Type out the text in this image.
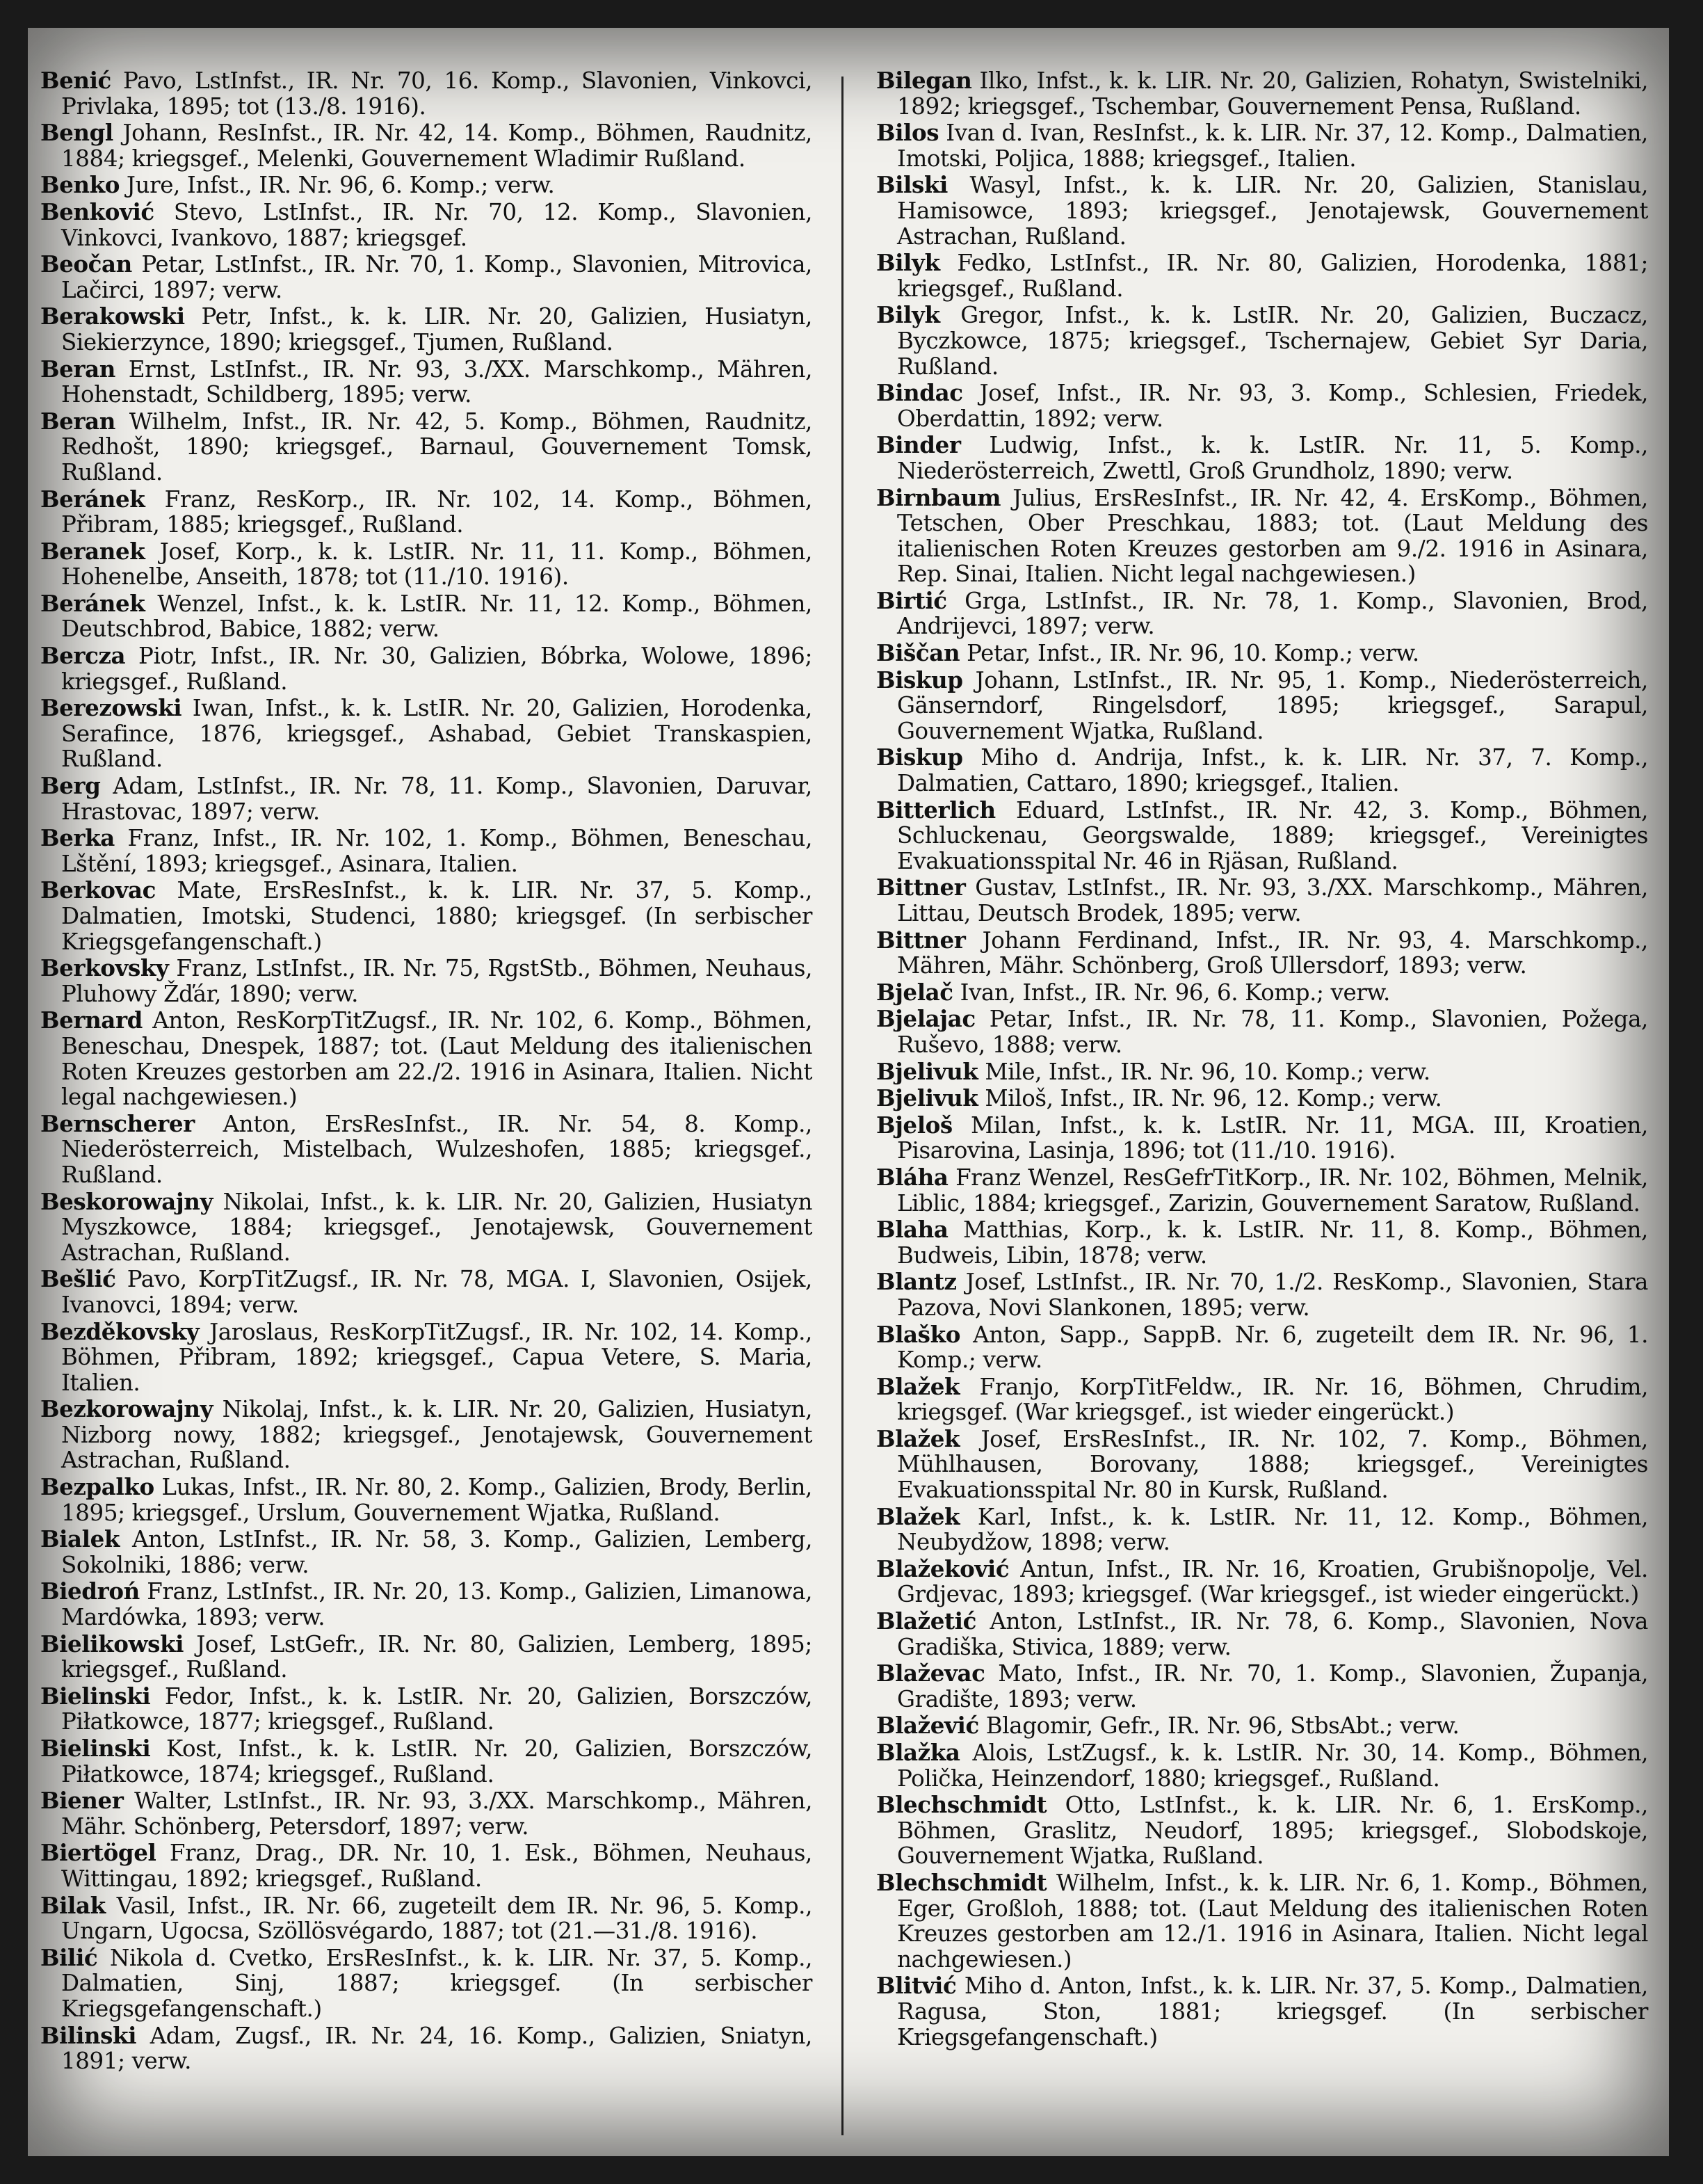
Benić Pavo, LstInfst., IR. Nr. 70, 16. Komp., Slavonien, Vinkovci, Privlaka, 1895; tot (13./8. 1916).

Bengl Johann, ResInfst., IR. Nr. 42, 14. Komp., Böhmen, Raudnitz, 1884; kriegsgef., Melenki, Gouvernement Wladimir Rußland.

Benko Jure, Infst., IR. Nr. 96, 6. Komp.; verw.

Benković Stevo, LstInfst., IR. Nr. 70, 12. Komp., Slavonien, Vinkovci, Ivankovo, 1887; kriegsgef.

Beočan Petar, LstInfst., IR. Nr. 70, 1. Komp., Slavonien, Mitrovica, Lačirci, 1897; verw.

Berakowski Petr, Infst., k. k. LIR. Nr. 20, Galizien, Husiatyn, Siekierzynce, 1890; kriegsgef., Tjumen, Rußland.

Beran Ernst, LstInfst., IR. Nr. 93, 3./XX. Marschkomp., Mähren, Hohenstadt, Schildberg, 1895; verw.

Beran Wilhelm, Infst., IR. Nr. 42, 5. Komp., Böhmen, Raudnitz, Redhošt, 1890; kriegsgef., Barnaul, Gouvernement Tomsk, Rußland.

Beránek Franz, ResKorp., IR. Nr. 102, 14. Komp., Böhmen, Přibram, 1885; kriegsgef., Rußland.

Beranek Josef, Korp., k. k. LstIR. Nr. 11, 11. Komp., Böhmen, Hohenelbe, Anseith, 1878; tot (11./10. 1916).

Beránek Wenzel, Infst., k. k. LstIR. Nr. 11, 12. Komp., Böhmen, Deutschbrod, Babice, 1882; verw.

Bercza Piotr, Infst., IR. Nr. 30, Galizien, Bóbrka, Wolowe, 1896; kriegsgef., Rußland.

Berezowski Iwan, Infst., k. k. LstIR. Nr. 20, Galizien, Horodenka, Serafince, 1876, kriegsgef., Ashabad, Gebiet Transkaspien, Rußland.

Berg Adam, LstInfst., IR. Nr. 78, 11. Komp., Slavonien, Daruvar, Hrastovac, 1897; verw.

Berka Franz, Infst., IR. Nr. 102, 1. Komp., Böhmen, Beneschau, Lštění, 1893; kriegsgef., Asinara, Italien.

Berkovac Mate, ErsResInfst., k. k. LIR. Nr. 37, 5. Komp., Dalmatien, Imotski, Studenci, 1880; kriegsgef. (In serbischer Kriegsgefangenschaft.)

Berkovsky Franz, LstInfst., IR. Nr. 75, RgstStb., Böhmen, Neuhaus, Pluhowy Žďár, 1890; verw.

Bernard Anton, ResKorpTitZugsf., IR. Nr. 102, 6. Komp., Böhmen, Beneschau, Dnespek, 1887; tot. (Laut Meldung des italienischen Roten Kreuzes gestorben am 22./2. 1916 in Asinara, Italien. Nicht legal nachgewiesen.)

Bernscherer Anton, ErsResInfst., IR. Nr. 54, 8. Komp., Niederösterreich, Mistelbach, Wulzeshofen, 1885; kriegsgef., Rußland.

Beskorowajny Nikolai, Infst., k. k. LIR. Nr. 20, Galizien, Husiatyn Myszkowce, 1884; kriegsgef., Jenotajewsk, Gouvernement Astrachan, Rußland.

Bešlić Pavo, KorpTitZugsf., IR. Nr. 78, MGA. I, Slavonien, Osijek, Ivanovci, 1894; verw.

Bezděkovsky Jaroslaus, ResKorpTitZugsf., IR. Nr. 102, 14. Komp., Böhmen, Přibram, 1892; kriegsgef., Capua Vetere, S. Maria, Italien.

Bezkorowajny Nikolaj, Infst., k. k. LIR. Nr. 20, Galizien, Husiatyn, Nizborg nowy, 1882; kriegsgef., Jenotajewsk, Gouvernement Astrachan, Rußland.

Bezpalko Lukas, Infst., IR. Nr. 80, 2. Komp., Galizien, Brody, Berlin, 1895; kriegsgef., Urslum, Gouvernement Wjatka, Rußland.

Bialek Anton, LstInfst., IR. Nr. 58, 3. Komp., Galizien, Lemberg, Sokolniki, 1886; verw.

Biedroń Franz, LstInfst., IR. Nr. 20, 13. Komp., Galizien, Limanowa, Mardówka, 1893; verw.

Bielikowski Josef, LstGefr., IR. Nr. 80, Galizien, Lemberg, 1895; kriegsgef., Rußland.

Bielinski Fedor, Infst., k. k. LstIR. Nr. 20, Galizien, Borszczów, Piłatkowce, 1877; kriegsgef., Rußland.

Bielinski Kost, Infst., k. k. LstIR. Nr. 20, Galizien, Borszczów, Piłatkowce, 1874; kriegsgef., Rußland.

Biener Walter, LstInfst., IR. Nr. 93, 3./XX. Marschkomp., Mähren, Mähr. Schönberg, Petersdorf, 1897; verw.

Biertögel Franz, Drag., DR. Nr. 10, 1. Esk., Böhmen, Neuhaus, Wittingau, 1892; kriegsgef., Rußland.

Bilak Vasil, Infst., IR. Nr. 66, zugeteilt dem IR. Nr. 96, 5. Komp., Ungarn, Ugocsa, Szöllösvégardo, 1887; tot (21.—31./8. 1916).

Bilić Nikola d. Cvetko, ErsResInfst., k. k. LIR. Nr. 37, 5. Komp., Dalmatien, Sinj, 1887; kriegsgef. (In serbischer Kriegsgefangenschaft.)

Bilinski Adam, Zugsf., IR. Nr. 24, 16. Komp., Galizien, Sniatyn, 1891; verw.

Bilegan Ilko, Infst., k. k. LIR. Nr. 20, Galizien, Rohatyn, Swistelniki, 1892; kriegsgef., Tschembar, Gouvernement Pensa, Rußland.

Bilos Ivan d. Ivan, ResInfst., k. k. LIR. Nr. 37, 12. Komp., Dalmatien, Imotski, Poljica, 1888; kriegsgef., Italien.

Bilski Wasyl, Infst., k. k. LIR. Nr. 20, Galizien, Stanislau, Hamisowce, 1893; kriegsgef., Jenotajewsk, Gouvernement Astrachan, Rußland.

Bilyk Fedko, LstInfst., IR. Nr. 80, Galizien, Horodenka, 1881; kriegsgef., Rußland.

Bilyk Gregor, Infst., k. k. LstIR. Nr. 20, Galizien, Buczacz, Byczkowce, 1875; kriegsgef., Tschernajew, Gebiet Syr Daria, Rußland.

Bindac Josef, Infst., IR. Nr. 93, 3. Komp., Schlesien, Friedek, Oberdattin, 1892; verw.

Binder Ludwig, Infst., k. k. LstIR. Nr. 11, 5. Komp., Niederösterreich, Zwettl, Groß Grundholz, 1890; verw.

Birnbaum Julius, ErsResInfst., IR. Nr. 42, 4. ErsKomp., Böhmen, Tetschen, Ober Preschkau, 1883; tot. (Laut Meldung des italienischen Roten Kreuzes gestorben am 9./2. 1916 in Asinara, Rep. Sinai, Italien. Nicht legal nachgewiesen.)

Birtić Grga, LstInfst., IR. Nr. 78, 1. Komp., Slavonien, Brod, Andrijevci, 1897; verw.

Biščan Petar, Infst., IR. Nr. 96, 10. Komp.; verw.

Biskup Johann, LstInfst., IR. Nr. 95, 1. Komp., Niederösterreich, Gänserndorf, Ringelsdorf, 1895; kriegsgef., Sarapul, Gouvernement Wjatka, Rußland.

Biskup Miho d. Andrija, Infst., k. k. LIR. Nr. 37, 7. Komp., Dalmatien, Cattaro, 1890; kriegsgef., Italien.

Bitterlich Eduard, LstInfst., IR. Nr. 42, 3. Komp., Böhmen, Schluckenau, Georgswalde, 1889; kriegsgef., Vereinigtes Evakuationsspital Nr. 46 in Rjäsan, Rußland.

Bittner Gustav, LstInfst., IR. Nr. 93, 3./XX. Marschkomp., Mähren, Littau, Deutsch Brodek, 1895; verw.

Bittner Johann Ferdinand, Infst., IR. Nr. 93, 4. Marschkomp., Mähren, Mähr. Schönberg, Groß Ullersdorf, 1893; verw.

Bjelač Ivan, Infst., IR. Nr. 96, 6. Komp.; verw.

Bjelajac Petar, Infst., IR. Nr. 78, 11. Komp., Slavonien, Požega, Ruševo, 1888; verw.

Bjelivuk Mile, Infst., IR. Nr. 96, 10. Komp.; verw.

Bjelivuk Miloš, Infst., IR. Nr. 96, 12. Komp.; verw.

Bjeloš Milan, Infst., k. k. LstIR. Nr. 11, MGA. III, Kroatien, Pisarovina, Lasinja, 1896; tot (11./10. 1916).

Bláha Franz Wenzel, ResGefrTitKorp., IR. Nr. 102, Böhmen, Melnik, Liblic, 1884; kriegsgef., Zarizin, Gouvernement Saratow, Rußland.

Blaha Matthias, Korp., k. k. LstIR. Nr. 11, 8. Komp., Böhmen, Budweis, Libin, 1878; verw.

Blantz Josef, LstInfst., IR. Nr. 70, 1./2. ResKomp., Slavonien, Stara Pazova, Novi Slankonen, 1895; verw.

Blaško Anton, Sapp., SappB. Nr. 6, zugeteilt dem IR. Nr. 96, 1. Komp.; verw.

Blažek Franjo, KorpTitFeldw., IR. Nr. 16, Böhmen, Chrudim, kriegsgef. (War kriegsgef., ist wieder eingerückt.)

Blažek Josef, ErsResInfst., IR. Nr. 102, 7. Komp., Böhmen, Mühlhausen, Borovany, 1888; kriegsgef., Vereinigtes Evakuationsspital Nr. 80 in Kursk, Rußland.

Blažek Karl, Infst., k. k. LstIR. Nr. 11, 12. Komp., Böhmen, Neubydžow, 1898; verw.

Blažeković Antun, Infst., IR. Nr. 16, Kroatien, Grubišnopolje, Vel. Grdjevac, 1893; kriegsgef. (War kriegsgef., ist wieder eingerückt.)

Blažetić Anton, LstInfst., IR. Nr. 78, 6. Komp., Slavonien, Nova Gradiška, Stivica, 1889; verw.

Blaževac Mato, Infst., IR. Nr. 70, 1. Komp., Slavonien, Županja, Gradište, 1893; verw.

Blažević Blagomir, Gefr., IR. Nr. 96, StbsAbt.; verw.

Blažka Alois, LstZugsf., k. k. LstIR. Nr. 30, 14. Komp., Böhmen, Polička, Heinzendorf, 1880; kriegsgef., Rußland.

Blechschmidt Otto, LstInfst., k. k. LIR. Nr. 6, 1. ErsKomp., Böhmen, Graslitz, Neudorf, 1895; kriegsgef., Slobodskoje, Gouvernement Wjatka, Rußland.

Blechschmidt Wilhelm, Infst., k. k. LIR. Nr. 6, 1. Komp., Böhmen, Eger, Großloh, 1888; tot. (Laut Meldung des italienischen Roten Kreuzes gestorben am 12./1. 1916 in Asinara, Italien. Nicht legal nachgewiesen.)

Blitvić Miho d. Anton, Infst., k. k. LIR. Nr. 37, 5. Komp., Dalmatien, Ragusa, Ston, 1881; kriegsgef. (In serbischer Kriegsgefangenschaft.)
